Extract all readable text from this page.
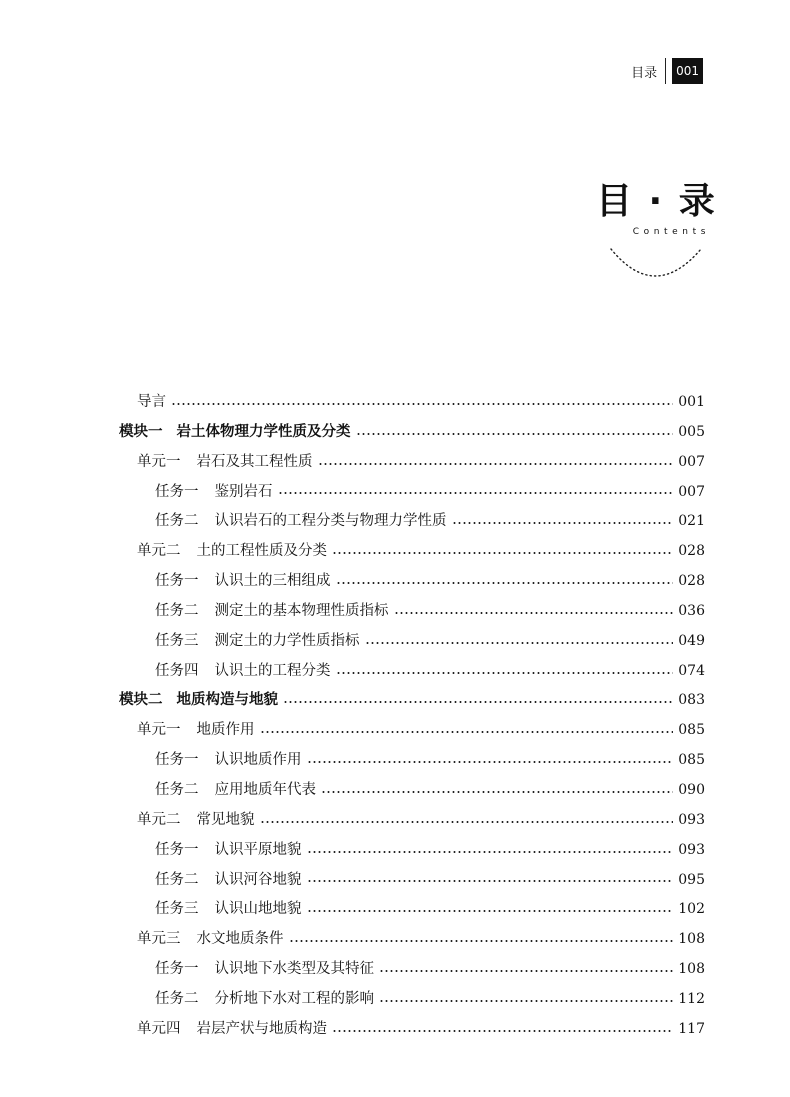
目录	001
目 · 录
Contents
导言	001
模块一 岩土体物理力学性质及分类	005
单元一 岩石及其工程性质	007
任务一 鉴别岩石	007
任务二 认识岩石的工程分类与物理力学性质	021
单元二 土的工程性质及分类	028
任务一 认识土的三相组成	028
任务二 测定土的基本物理性质指标	036
任务三 测定土的力学性质指标	049
任务四 认识土的工程分类	074
模块二 地质构造与地貌	083
单元一 地质作用	085
任务一 认识地质作用	085
任务二 应用地质年代表	090
单元二 常见地貌	093
任务一 认识平原地貌	093
任务二 认识河谷地貌	095
任务三 认识山地地貌	102
单元三 水文地质条件	108
任务一 认识地下水类型及其特征	108
任务二 分析地下水对工程的影响	112
单元四 岩层产状与地质构造	117
